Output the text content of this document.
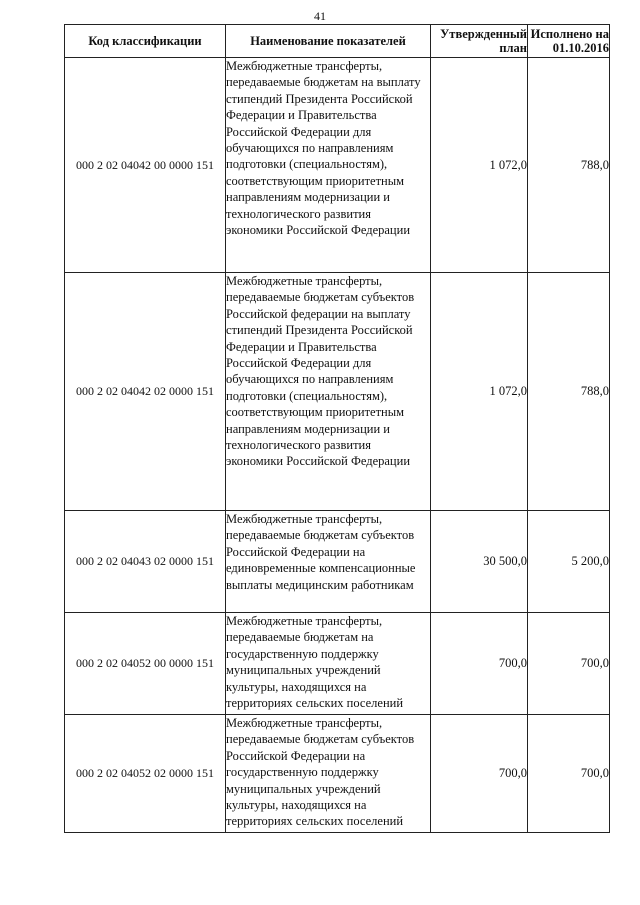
41
Код классификации	Наименование показателей	Утвержденный план	Исполнено на 01.10.2016
000 2 02 04042 00 0000 151	Межбюджетные трансферты, передаваемые бюджетам на выплату стипендий Президента Российской Федерации и Правительства Российской Федерации для обучающихся по направлениям подготовки (специальностям), соответствующим приоритетным направлениям модернизации и технологического развития экономики Российской Федерации	1 072,0	788,0
000 2 02 04042 02 0000 151	Межбюджетные трансферты, передаваемые бюджетам субъектов Российской федерации на выплату стипендий Президента Российской Федерации и Правительства Российской Федерации для обучающихся по направлениям подготовки (специальностям), соответствующим приоритетным направлениям модернизации и технологического развития экономики Российской Федерации	1 072,0	788,0
000 2 02 04043 02 0000 151	Межбюджетные трансферты, передаваемые бюджетам субъектов Российской Федерации на единовременные компенсационные выплаты медицинским работникам	30 500,0	5 200,0
000 2 02 04052 00 0000 151	Межбюджетные трансферты, передаваемые бюджетам на государственную поддержку муниципальных учреждений культуры, находящихся на территориях сельских поселений	700,0	700,0
000 2 02 04052 02 0000 151	Межбюджетные трансферты, передаваемые бюджетам субъектов Российской Федерации на государственную поддержку муниципальных учреждений культуры, находящихся на территориях сельских поселений	700,0	700,0
